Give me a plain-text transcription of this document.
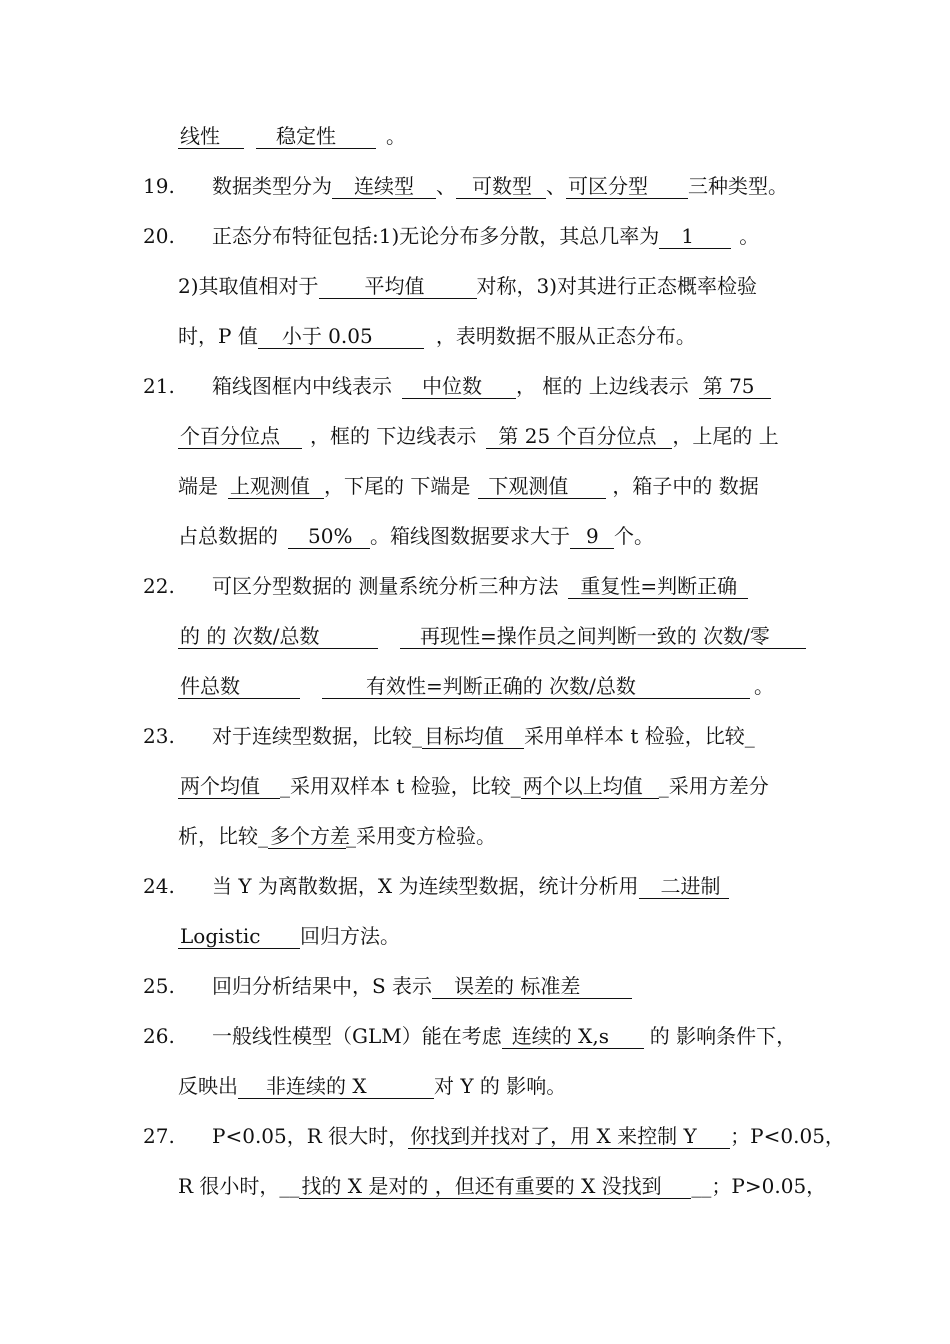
线性	稳定性	。
19.	数据类型分为 连续型 、 可数型 、 可区分型 三种类型。
20.	正态分布特征包括:1)无论分布多分散，其总几率为 1 。
2)其取值相对于 平均值	对称，3)对其进行正态概率检验
时，P 值 小于 0.05	，表明数据不服从正态分布。
21.	箱线图框内中线表示 中位数 ， 框的 上边线表示 第 75
个百分位点 ，框的 下边线表示 第 25 个百分位点 ，上尾的 上
端是 上观测值 ，下尾的 下端是 下观测值 ，箱子中的 数据
占总数据的 50% 。箱线图数据要求大于 9 个。
22.	可区分型数据的 测量系统分析三种方法 重复性=判断正确
的 的 次数/总数	再现性=操作员之间判断一致的 次数/零
件总数	有效性=判断正确的 次数/总数	。
23.	对于连续型数据，比较_ 目标均值 采用单样本 t 检验，比较_
两个均值 _采用双样本 t 检验，比较_ 两个以上均值 _采用方差分
析，比较_ 多个方差_采用变方检验。
24.	当 Y 为离散数据，X 为连续型数据，统计分析用 二进制
Logistic 回归方法。
25.	回归分析结果中，S 表示 误差的 标准差
26.	一般线性模型（GLM）能在考虑 连续的 X,s 的 影响条件下，
反映出 非连续的 X	对 Y 的 影响。
27.	P<0.05，R 很大时， 你找到并找对了，用 X 来控制 Y ；P<0.05，
R 很小时，__ 找的 X 是对的 ，但还有重要的 X 没找到 __；P>0.05，
